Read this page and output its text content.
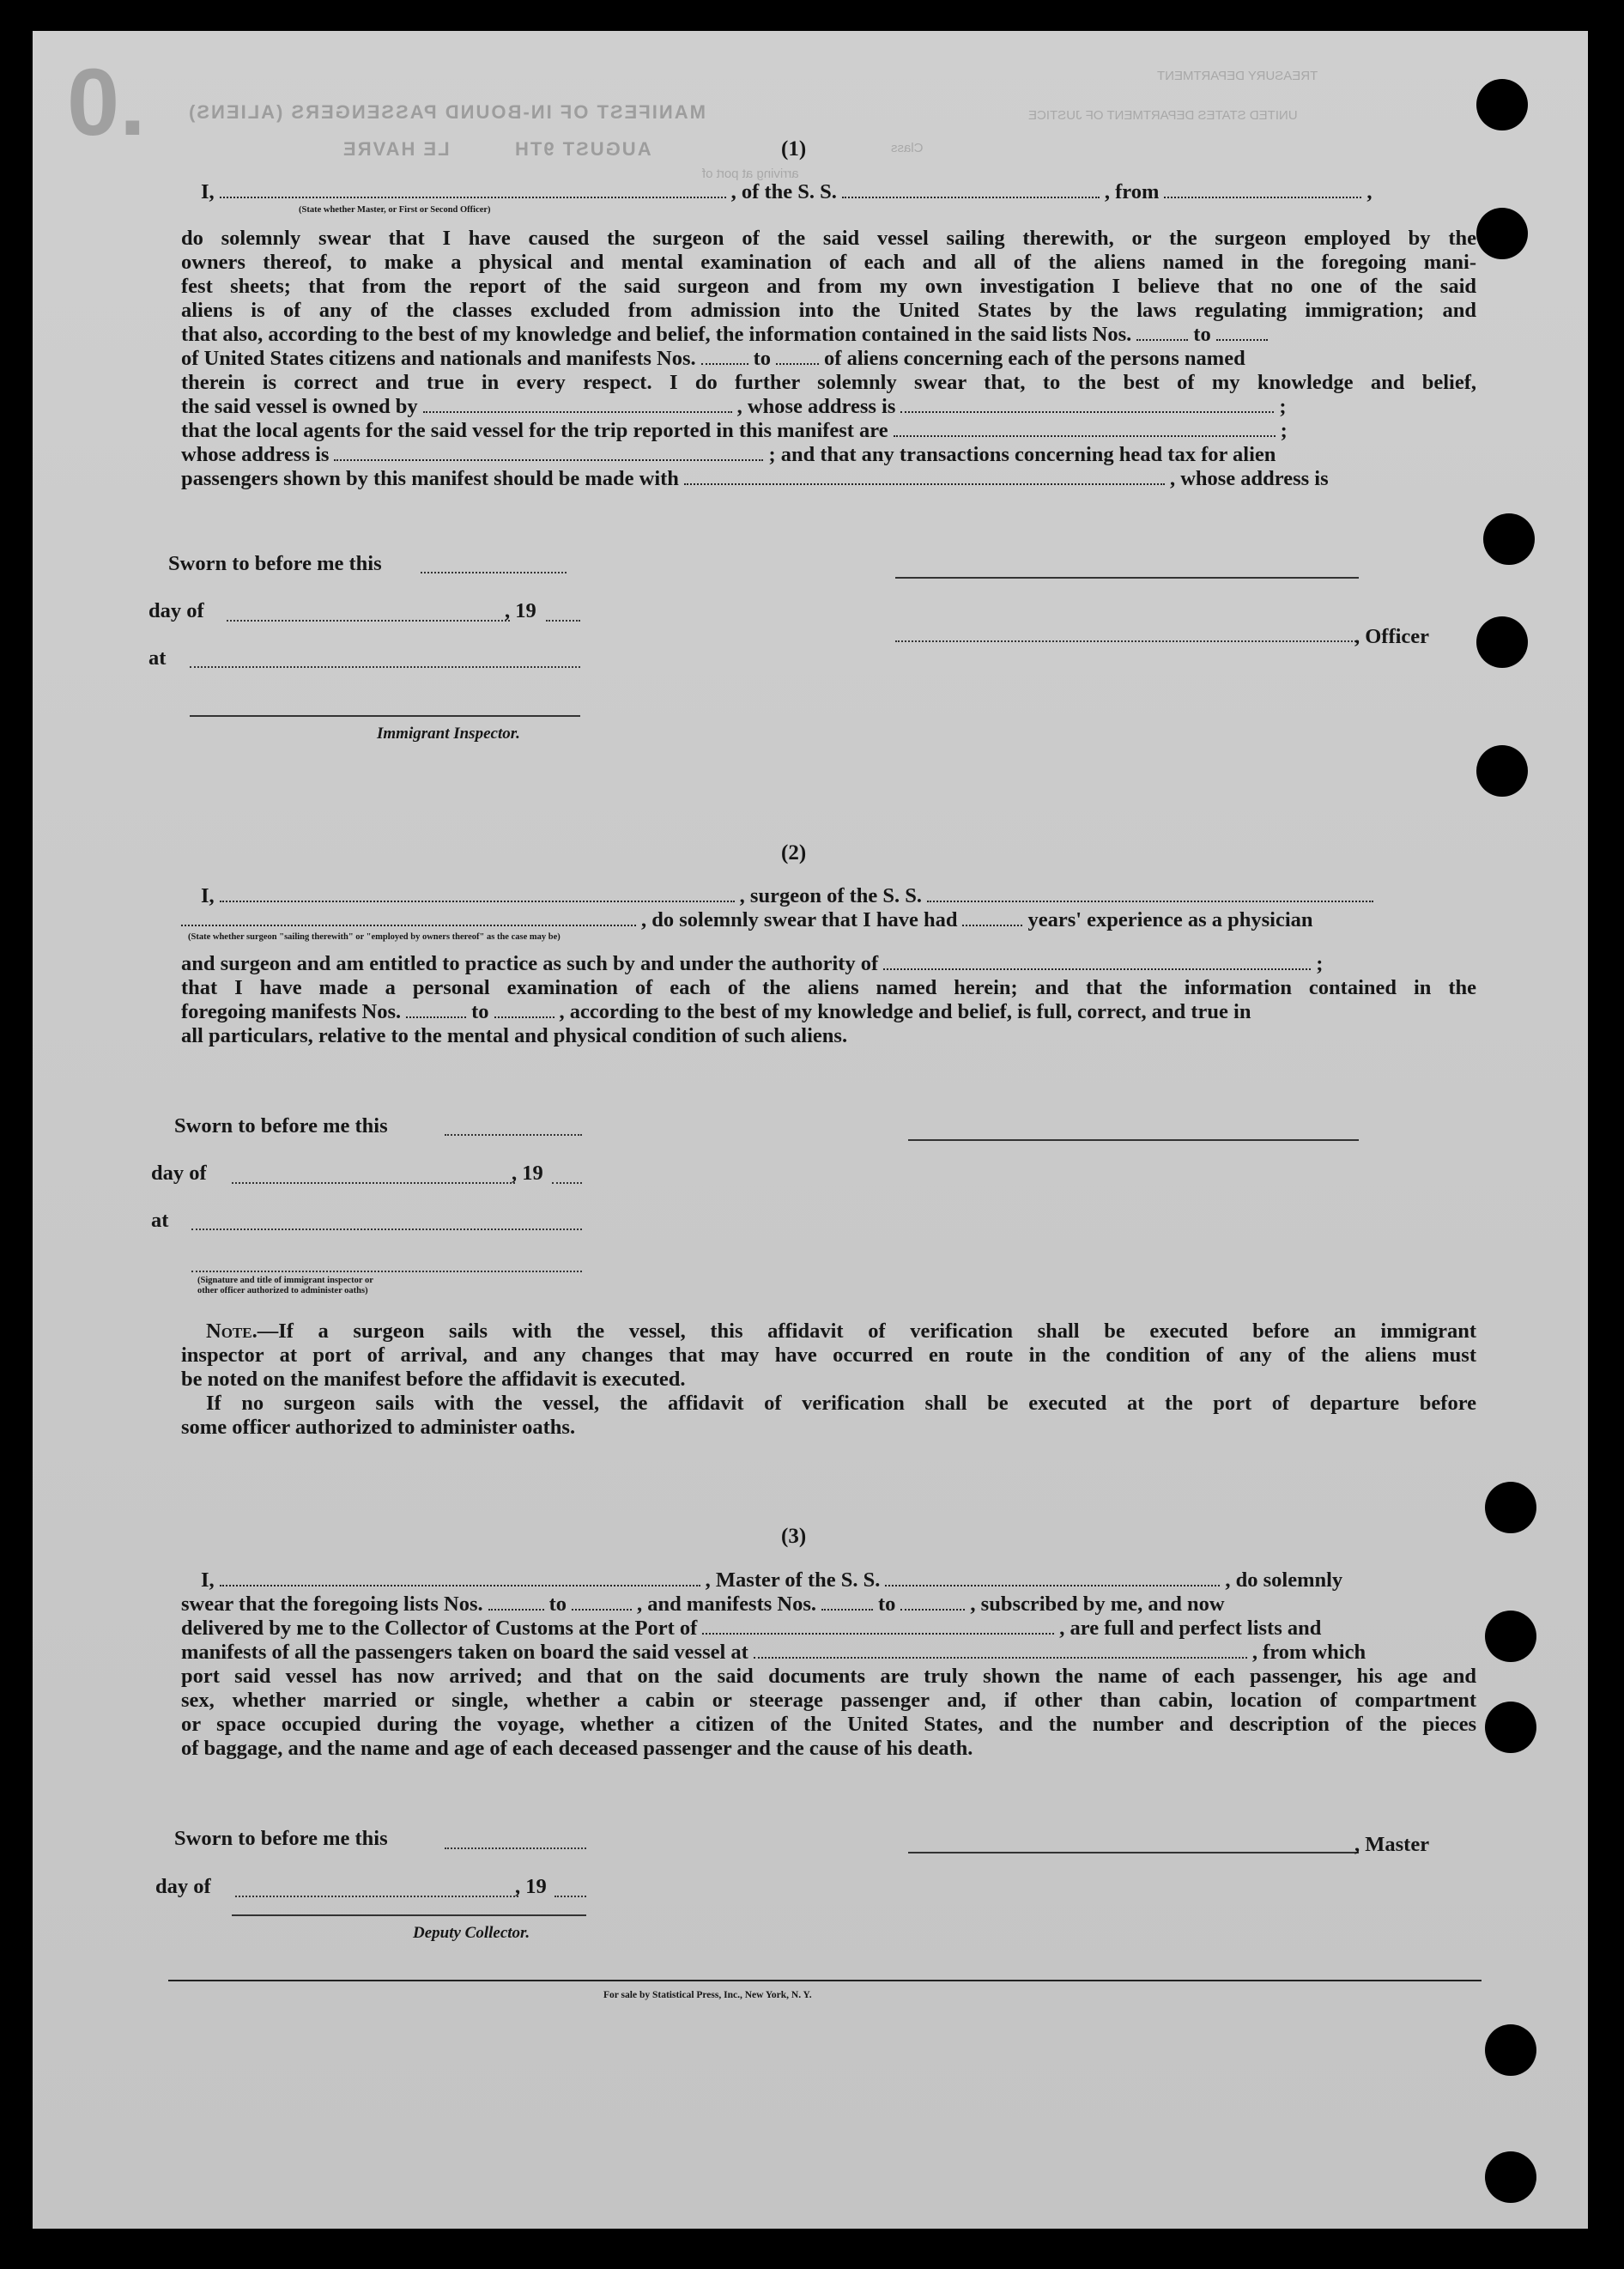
0. MANIFEST OF IN-BOUND PASSENGERS (ALIENS)
LE HAVRE	AUGUST 9TH
TREASURY DEPARTMENT
UNITED STATES DEPARTMENT OF JUSTICE
Class
arriving at port of
(1)
I,	, of the S. S.	, from	,
(State whether Master, or First or Second Officer)
do solemnly swear that I have caused the surgeon of the said vessel sailing therewith, or the surgeon employed by the
owners thereof, to make a physical and mental examination of each and all of the aliens named in the foregoing mani-
fest sheets; that from the report of the said surgeon and from my own investigation I believe that no one of the said
aliens is of any of the classes excluded from admission into the United States by the laws regulating immigration; and
that also, according to the best of my knowledge and belief, the information contained in the said lists Nos.	to
of United States citizens and nationals and manifests Nos.	to	of aliens concerning each of the persons named
therein is correct and true in every respect. I do further solemnly swear that, to the best of my knowledge and belief,
the said vessel is owned by	, whose address is	;
that the local agents for the said vessel for the trip reported in this manifest are	;
whose address is	; and that any transactions concerning head tax for alien
passengers shown by this manifest should be made with	, whose address is
Sworn to before me this
day of	, 19
, Officer
at
Immigrant Inspector.
(2)
I,	, surgeon of the S. S.
, do solemnly swear that I have had	years' experience as a physician
(State whether surgeon "sailing therewith" or "employed by owners thereof" as the case may be)
and surgeon and am entitled to practice as such by and under the authority of	;
that I have made a personal examination of each of the aliens named herein; and that the information contained in the
foregoing manifests Nos.	to	, according to the best of my knowledge and belief, is full, correct, and true in
all particulars, relative to the mental and physical condition of such aliens.
Sworn to before me this
day of	, 19
at
(Signature and title of immigrant inspector or
other officer authorized to administer oaths)
Note.—If a surgeon sails with the vessel, this affidavit of verification shall be executed before an immigrant
inspector at port of arrival, and any changes that may have occurred en route in the condition of any of the aliens must
be noted on the manifest before the affidavit is executed.
If no surgeon sails with the vessel, the affidavit of verification shall be executed at the port of departure before
some officer authorized to administer oaths.
(3)
I,	, Master of the S. S.	, do solemnly
swear that the foregoing lists Nos.	to	, and manifests Nos.	to	, subscribed by me, and now
delivered by me to the Collector of Customs at the Port of	, are full and perfect lists and
manifests of all the passengers taken on board the said vessel at	, from which
port said vessel has now arrived; and that on the said documents are truly shown the name of each passenger, his age and
sex, whether married or single, whether a cabin or steerage passenger and, if other than cabin, location of compartment
or space occupied during the voyage, whether a citizen of the United States, and the number and description of the pieces
of baggage, and the name and age of each deceased passenger and the cause of his death.
Sworn to before me this	, Master
day of	, 19
Deputy Collector.
For sale by Statistical Press, Inc., New York, N. Y.
